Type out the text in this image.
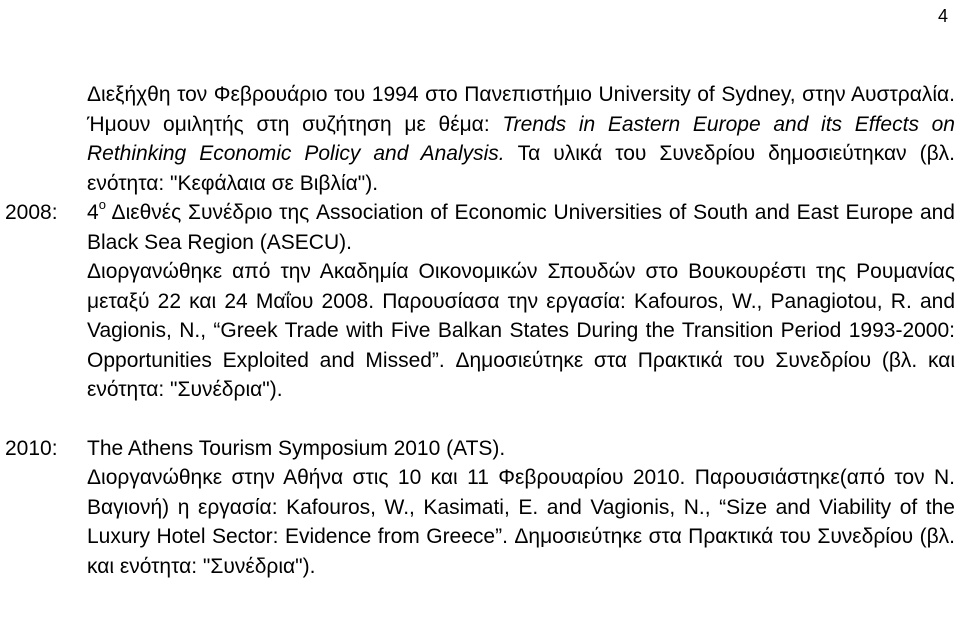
4

Διεξήχθη τον Φεβρουάριο του 1994 στο Πανεπιστήμιο University of Sydney, στην Αυστραλία. Ήμουν ομιλητής στη συζήτηση με θέμα: Trends in Eastern Europe and its Effects on Rethinking Economic Policy and Analysis. Τα υλικά του Συνεδρίου δημοσιεύτηκαν (βλ. ενότητα: "Κεφάλαια σε Βιβλία").

2008:	$4^o$ Διεθνές Συνέδριο της Association of Economic Universities of South and East Europe and Black Sea Region (ASECU).

Διοργανώθηκε από την Ακαδημία Οικονομικών Σπουδών στο Βουκουρέστι της Ρουμανίας μεταξύ 22 και 24 Μαΐου 2008. Παρουσίασα την εργασία: Kafouros, W., Panagiotou, R. and Vagionis, N., “Greek Trade with Five Balkan States During the Transition Period 1993-2000: Opportunities Exploited and Missed”. Δημοσιεύτηκε στα Πρακτικά του Συνεδρίου (βλ. και ενότητα: "Συνέδρια").

2010:	The Athens Tourism Symposium 2010 (ATS).

Διοργανώθηκε στην Αθήνα στις 10 και 11 Φεβρουαρίου 2010. Παρουσιάστηκε(από τον Ν. Βαγιονή) η εργασία: Kafouros, W., Kasimati, E. and Vagionis, N., “Size and Viability of the Luxury Hotel Sector: Evidence from Greece”. Δημοσιεύτηκε στα Πρακτικά του Συνεδρίου (βλ. και ενότητα: "Συνέδρια").
